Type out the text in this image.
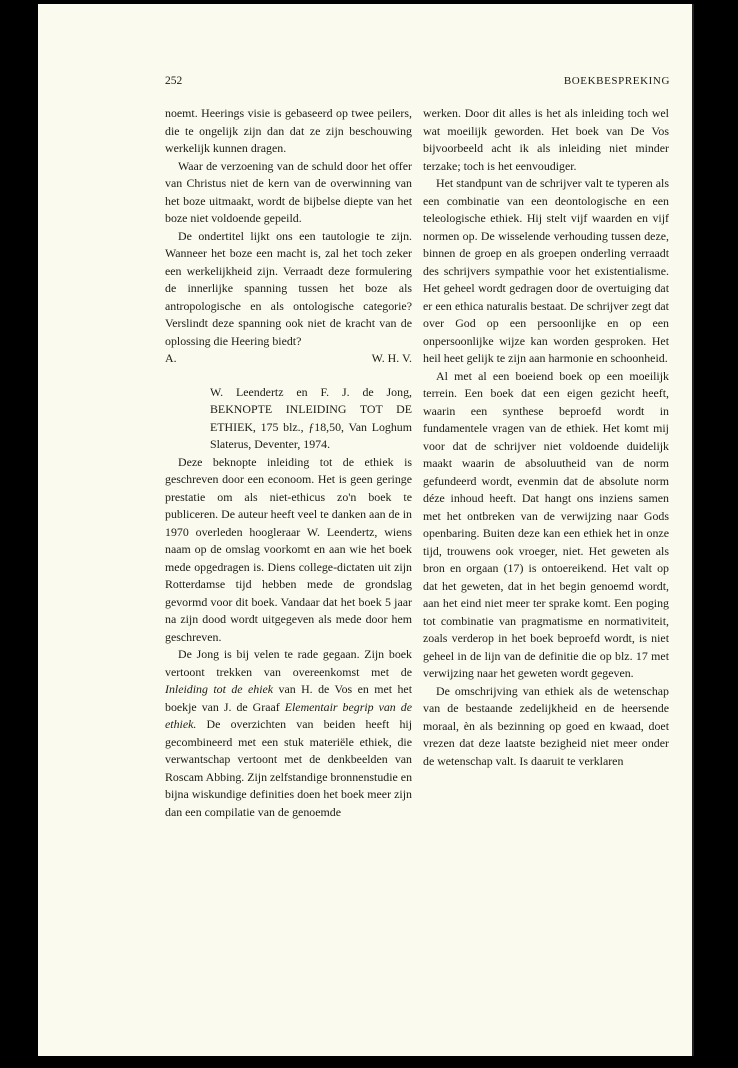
252	BOEKBESPREKING

noemt. Heerings visie is gebaseerd op twee peilers, die te ongelijk zijn dan dat ze zijn beschouwing werkelijk kunnen dragen.

Waar de verzoening van de schuld door het offer van Christus niet de kern van de overwinning van het boze uitmaakt, wordt de bijbelse diepte van het boze niet voldoende gepeild.

De ondertitel lijkt ons een tautologie te zijn. Wanneer het boze een macht is, zal het toch zeker een werkelijkheid zijn. Verraadt deze formulering de innerlijke spanning tussen het boze als antropologische en als ontologische categorie? Verslindt deze spanning ook niet de kracht van de oplossing die Heering biedt?

A.	W. H. V.

W. Leendertz en F. J. de Jong, BEKNOPTE INLEIDING TOT DE ETHIEK, 175 blz., ƒ18,50, Van Loghum Slaterus, Deventer, 1974.

Deze beknopte inleiding tot de ethiek is geschreven door een econoom. Het is geen geringe prestatie om als niet-ethicus zo'n boek te publiceren. De auteur heeft veel te danken aan de in 1970 overleden hoogleraar W. Leendertz, wiens naam op de omslag voorkomt en aan wie het boek mede opgedragen is. Diens college-dictaten uit zijn Rotterdamse tijd hebben mede de grondslag gevormd voor dit boek. Vandaar dat het boek 5 jaar na zijn dood wordt uitgegeven als mede door hem geschreven.

De Jong is bij velen te rade gegaan. Zijn boek vertoont trekken van overeenkomst met de Inleiding tot de ehiek van H. de Vos en met het boekje van J. de Graaf Elementair begrip van de ethiek. De overzichten van beiden heeft hij gecombineerd met een stuk materiële ethiek, die verwantschap vertoont met de denkbeelden van Roscam Abbing. Zijn zelfstandige bronnenstudie en bijna wiskundige definities doen het boek meer zijn dan een compilatie van de genoemde

werken. Door dit alles is het als inleiding toch wel wat moeilijk geworden. Het boek van De Vos bijvoorbeeld acht ik als inleiding niet minder terzake; toch is het eenvoudiger.

Het standpunt van de schrijver valt te typeren als een combinatie van een deontologische en een teleologische ethiek. Hij stelt vijf waarden en vijf normen op. De wisselende verhouding tussen deze, binnen de groep en als groepen onderling verraadt des schrijvers sympathie voor het existentialisme. Het geheel wordt gedragen door de overtuiging dat er een ethica naturalis bestaat. De schrijver zegt dat over God op een persoonlijke en op een onpersoonlijke wijze kan worden gesproken. Het heil heet gelijk te zijn aan harmonie en schoonheid.

Al met al een boeiend boek op een moeilijk terrein. Een boek dat een eigen gezicht heeft, waarin een synthese beproefd wordt in fundamentele vragen van de ethiek. Het komt mij voor dat de schrijver niet voldoende duidelijk maakt waarin de absoluutheid van de norm gefundeerd wordt, evenmin dat de absolute norm déze inhoud heeft. Dat hangt ons inziens samen met het ontbreken van de verwijzing naar Gods openbaring. Buiten deze kan een ethiek het in onze tijd, trouwens ook vroeger, niet. Het geweten als bron en orgaan (17) is ontoereikend. Het valt op dat het geweten, dat in het begin genoemd wordt, aan het eind niet meer ter sprake komt. Een poging tot combinatie van pragmatisme en normativiteit, zoals verderop in het boek beproefd wordt, is niet geheel in de lijn van de definitie die op blz. 17 met verwijzing naar het geweten wordt gegeven.

De omschrijving van ethiek als de wetenschap van de bestaande zedelijkheid en de heersende moraal, èn als bezinning op goed en kwaad, doet vrezen dat deze laatste bezigheid niet meer onder de wetenschap valt. Is daaruit te verklaren
